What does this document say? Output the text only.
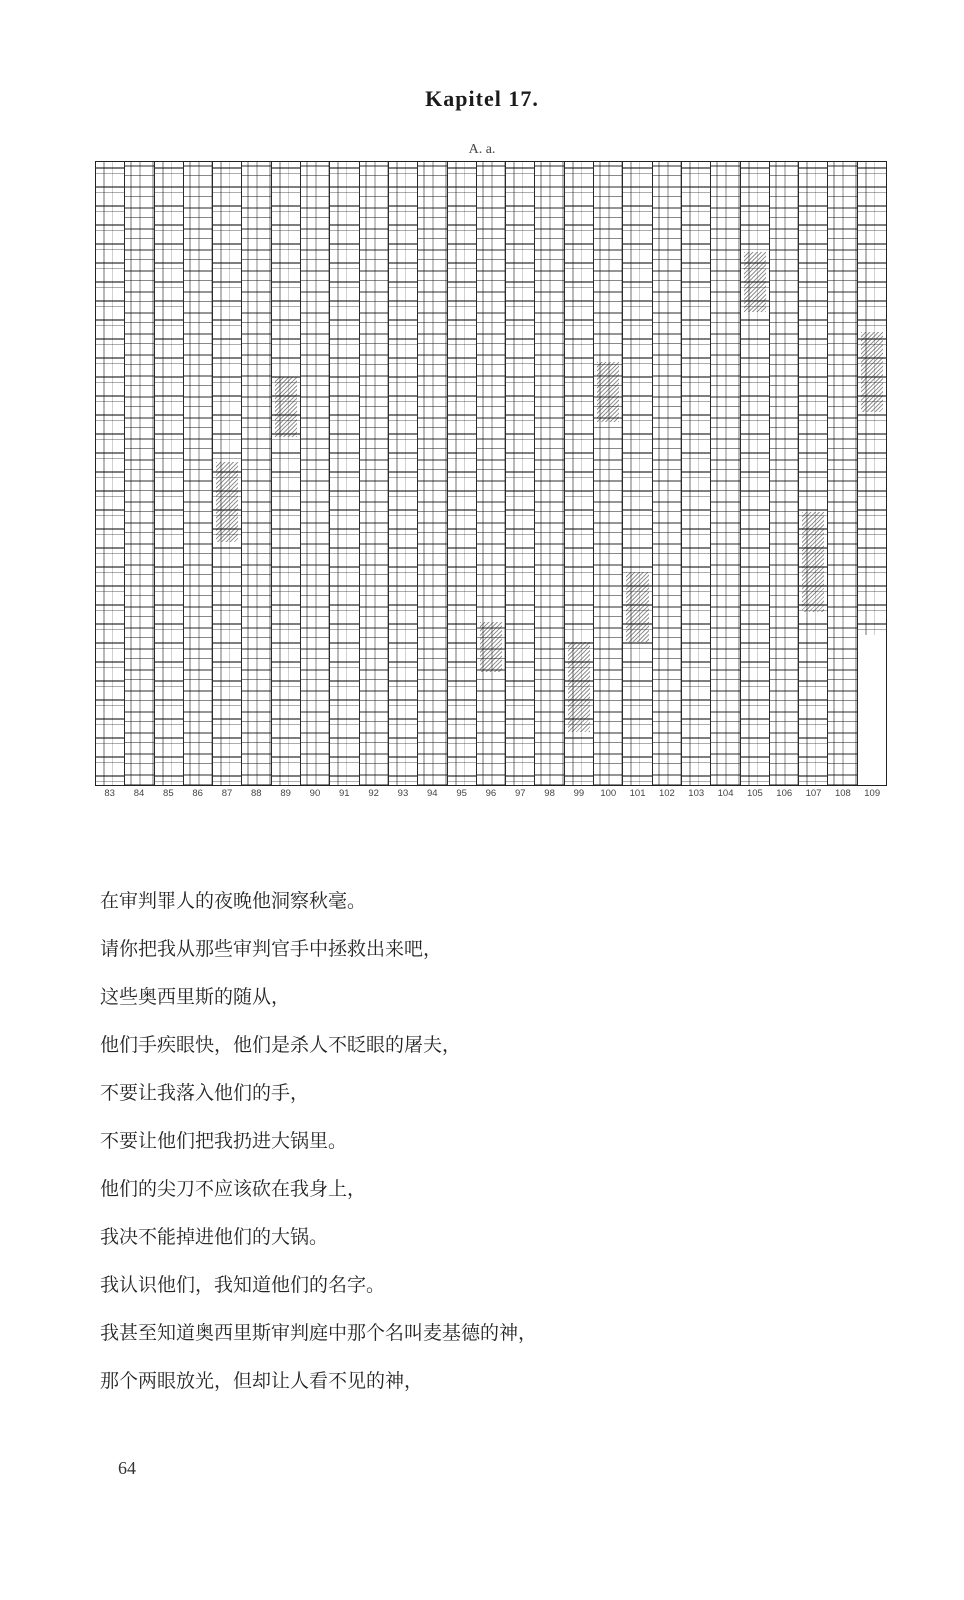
Kapitel 17.
A. a.
83	84	85	86	87	88	89	90	91	92	93	94	95	96	97	98	99	100	101	102	103	104	105	106	107	108	109
在审判罪人的夜晚他洞察秋毫。
请你把我从那些审判官手中拯救出来吧，
这些奥西里斯的随从，
他们手疾眼快，他们是杀人不眨眼的屠夫，
不要让我落入他们的手，
不要让他们把我扔进大锅里。
他们的尖刀不应该砍在我身上，
我决不能掉进他们的大锅。
我认识他们，我知道他们的名字。
我甚至知道奥西里斯审判庭中那个名叫麦基德的神，
那个两眼放光，但却让人看不见的神，
64
